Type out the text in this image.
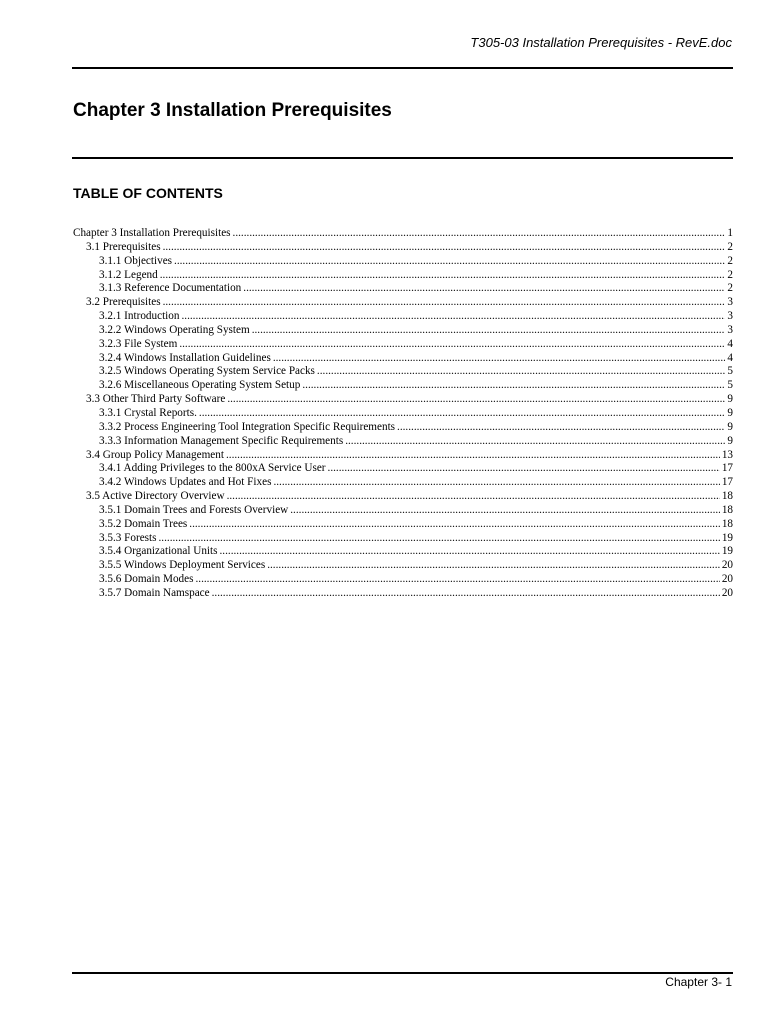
T305-03 Installation Prerequisites - RevE.doc
Chapter 3 Installation Prerequisites
TABLE OF CONTENTS
Chapter 3 Installation Prerequisites .....	1
3.1 Prerequisites .....	2
3.1.1 Objectives .....	2
3.1.2 Legend .....	2
3.1.3 Reference Documentation .....	2
3.2 Prerequisites .....	3
3.2.1 Introduction .....	3
3.2.2 Windows Operating System .....	3
3.2.3 File System .....	4
3.2.4 Windows Installation Guidelines .....	4
3.2.5 Windows Operating System Service Packs .....	5
3.2.6 Miscellaneous Operating System Setup .....	5
3.3 Other Third Party Software .....	9
3.3.1 Crystal Reports. .....	9
3.3.2 Process Engineering Tool Integration Specific Requirements .....	9
3.3.3 Information Management Specific Requirements .....	9
3.4 Group Policy Management .....	13
3.4.1 Adding Privileges to the 800xA Service User .....	17
3.4.2 Windows Updates and Hot Fixes .....	17
3.5 Active Directory Overview .....	18
3.5.1 Domain Trees and Forests Overview .....	18
3.5.2 Domain Trees .....	18
3.5.3 Forests .....	19
3.5.4 Organizational Units .....	19
3.5.5 Windows Deployment Services .....	20
3.5.6 Domain Modes .....	20
3.5.7 Domain Namspace .....	20
Chapter 3- 1
